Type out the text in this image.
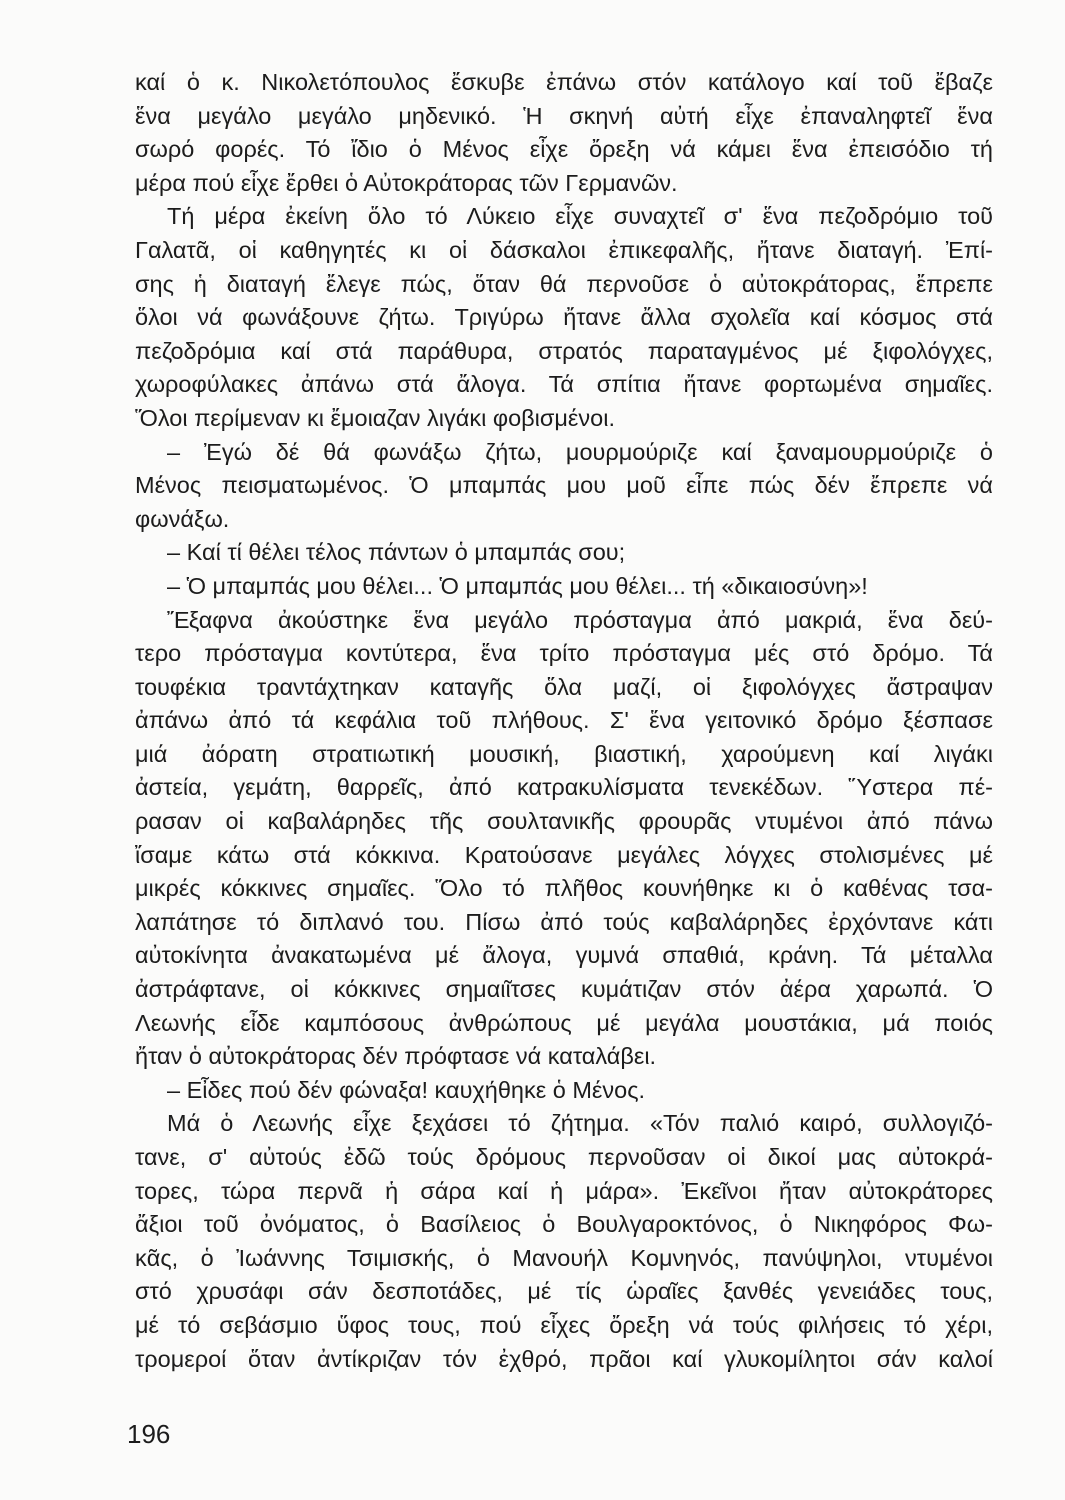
καί ὁ κ. Νικολετόπουλος ἔσκυβε ἐπάνω στόν κατάλογο καί τοῦ ἔβαζε
ἕνα μεγάλο μεγάλο μηδενικό. Ἡ σκηνή αὐτή εἶχε ἐπαναληφτεῖ ἕνα
σωρό φορές. Τό ἴδιο ὁ Μένος εἶχε ὄρεξη νά κάμει ἕνα ἐπεισόδιο τή
μέρα πού εἶχε ἔρθει ὁ Αὐτοκράτορας τῶν Γερμανῶν.
Τή μέρα ἐκείνη ὅλο τό Λύκειο εἶχε συναχτεῖ σ' ἕνα πεζοδρόμιο τοῦ
Γαλατᾶ, οἱ καθηγητές κι οἱ δάσκαλοι ἐπικεφαλῆς, ἤτανε διαταγή. Ἐπί-
σης ἡ διαταγή ἔλεγε πώς, ὅταν θά περνοῦσε ὁ αὐτοκράτορας, ἔπρεπε
ὅλοι νά φωνάξουνε ζήτω. Τριγύρω ἤτανε ἄλλα σχολεῖα καί κόσμος στά
πεζοδρόμια καί στά παράθυρα, στρατός παραταγμένος μέ ξιφολόγχες,
χωροφύλακες ἀπάνω στά ἄλογα. Τά σπίτια ἤτανε φορτωμένα σημαῖες.
Ὅλοι περίμεναν κι ἔμοιαζαν λιγάκι φοβισμένοι.
– Ἐγώ δέ θά φωνάξω ζήτω, μουρμούριζε καί ξαναμουρμούριζε ὁ
Μένος πεισματωμένος. Ὁ μπαμπάς μου μοῦ εἶπε πώς δέν ἔπρεπε νά
φωνάξω.
– Καί τί θέλει τέλος πάντων ὁ μπαμπάς σου;
– Ὁ μπαμπάς μου θέλει... Ὁ μπαμπάς μου θέλει... τή «δικαιοσύνη»!
Ἔξαφνα ἀκούστηκε ἕνα μεγάλο πρόσταγμα ἀπό μακριά, ἕνα δεύ-
τερο πρόσταγμα κοντύτερα, ἕνα τρίτο πρόσταγμα μές στό δρόμο. Τά
τουφέκια τραντάχτηκαν καταγῆς ὅλα μαζί, οἱ ξιφολόγχες ἄστραψαν
ἀπάνω ἀπό τά κεφάλια τοῦ πλήθους. Σ' ἕνα γειτονικό δρόμο ξέσπασε
μιά ἀόρατη στρατιωτική μουσική, βιαστική, χαρούμενη καί λιγάκι
ἀστεία, γεμάτη, θαρρεῖς, ἀπό κατρακυλίσματα τενεκέδων. Ὕστερα πέ-
ρασαν οἱ καβαλάρηδες τῆς σουλτανικῆς φρουρᾶς ντυμένοι ἀπό πάνω
ἴσαμε κάτω στά κόκκινα. Κρατούσανε μεγάλες λόγχες στολισμένες μέ
μικρές κόκκινες σημαῖες. Ὅλο τό πλῆθος κουνήθηκε κι ὁ καθένας τσα-
λαπάτησε τό διπλανό του. Πίσω ἀπό τούς καβαλάρηδες ἐρχόντανε κάτι
αὐτοκίνητα ἀνακατωμένα μέ ἄλογα, γυμνά σπαθιά, κράνη. Τά μέταλλα
ἀστράφτανε, οἱ κόκκινες σημαιῖτσες κυμάτιζαν στόν ἀέρα χαρωπά. Ὁ
Λεωνής εἶδε καμπόσους ἀνθρώπους μέ μεγάλα μουστάκια, μά ποιός
ἤταν ὁ αὐτοκράτορας δέν πρόφτασε νά καταλάβει.
– Εἶδες πού δέν φώναξα! καυχήθηκε ὁ Μένος.
Μά ὁ Λεωνής εἶχε ξεχάσει τό ζήτημα. «Τόν παλιό καιρό, συλλογιζό-
τανε, σ' αὐτούς ἐδῶ τούς δρόμους περνοῦσαν οἱ δικοί μας αὐτοκρά-
τορες, τώρα περνᾶ ἡ σάρα καί ἡ μάρα». Ἐκεῖνοι ἤταν αὐτοκράτορες
ἄξιοι τοῦ ὀνόματος, ὁ Βασίλειος ὁ Βουλγαροκτόνος, ὁ Νικηφόρος Φω-
κᾶς, ὁ Ἰωάννης Τσιμισκής, ὁ Μανουήλ Κομνηνός, πανύψηλοι, ντυμένοι
στό χρυσάφι σάν δεσποτάδες, μέ τίς ὡραῖες ξανθές γενειάδες τους,
μέ τό σεβάσμιο ὕφος τους, πού εἶχες ὄρεξη νά τούς φιλήσεις τό χέρι,
τρομεροί ὅταν ἀντίκριζαν τόν ἐχθρό, πρᾶοι καί γλυκομίλητοι σάν καλοί
196
